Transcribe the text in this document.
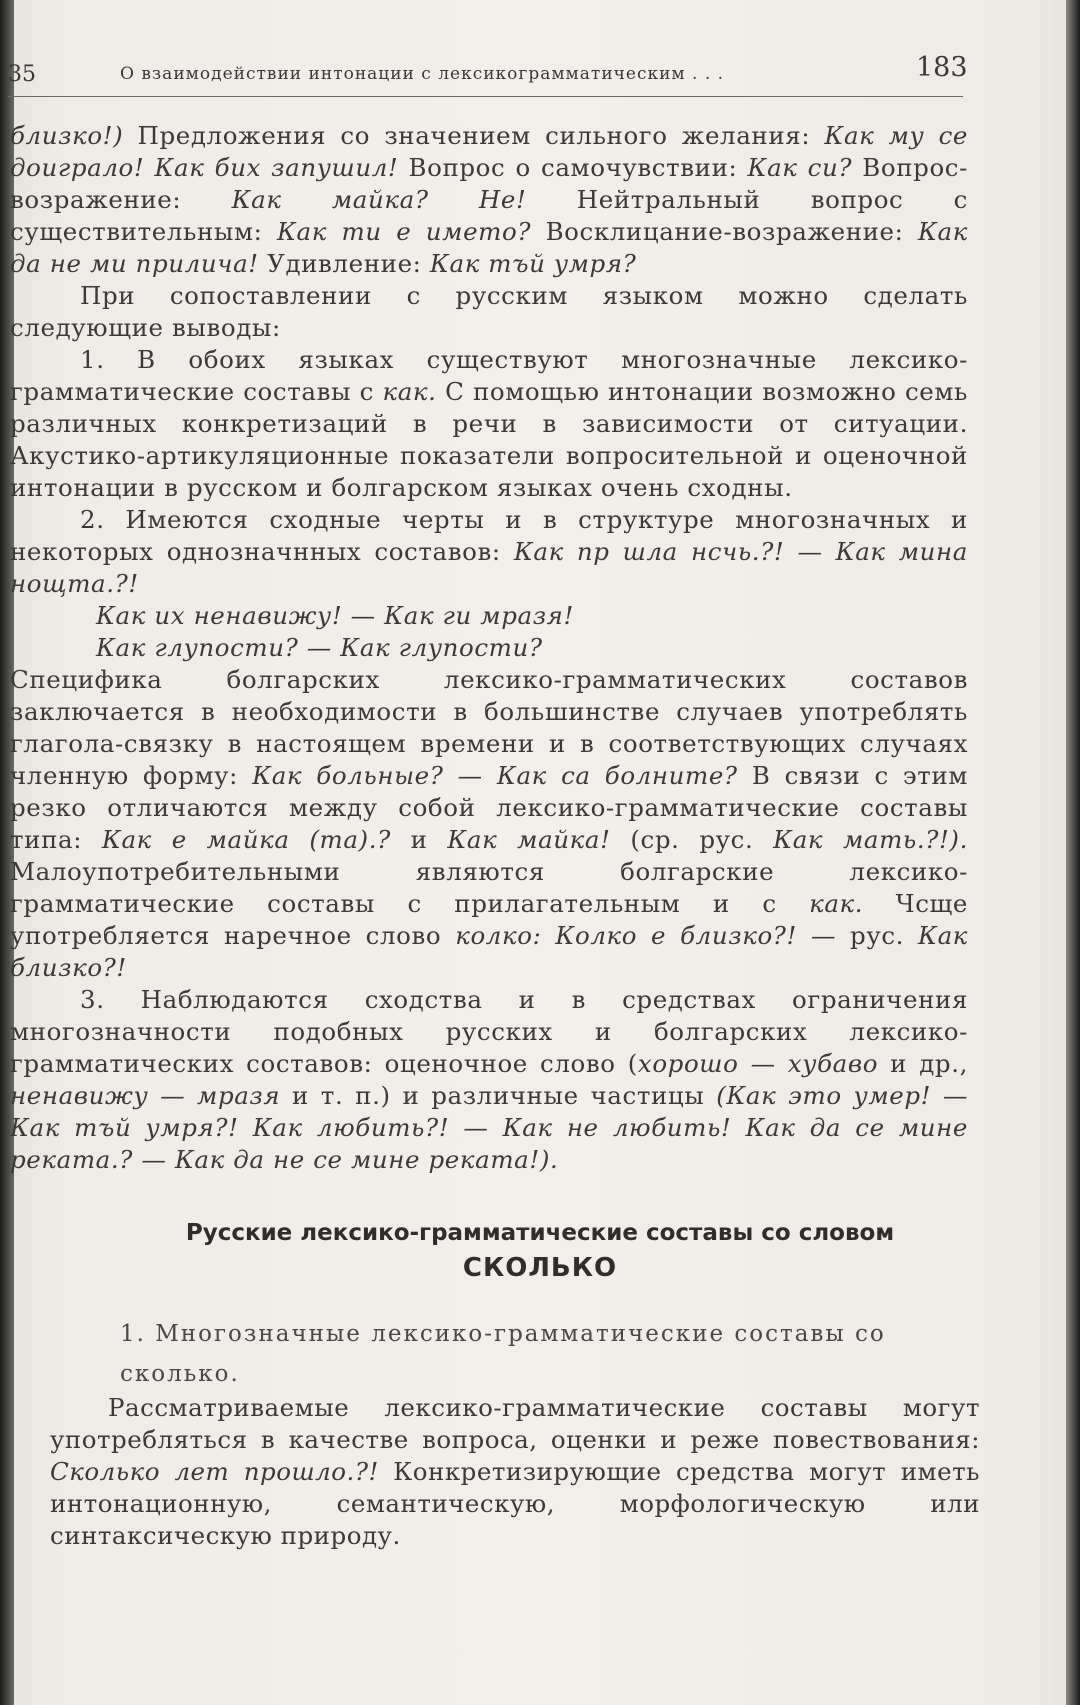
35	О взаимодействии интонации с лексикограмматическим . . .	183

близко!) Предложения со значением сильного желания: Как му се доиграло! Как бих запушил! Вопрос о самочувствии: Как си? Вопрос-возражение: Как майка? Не! Нейтральный вопрос с существительным: Как ти е името? Восклицание-возражение: Как да не ми прилича! Удивление: Как тъй умря?

При сопоставлении с русским языком можно сделать следующие выводы:

1. В обоих языках существуют многозначные лексико-грамматические составы с как. С помощью интонации возможно семь различных конкретизаций в речи в зависимости от ситуации. Акустико-артикуляционные показатели вопросительной и оценочной интонации в русском и болгарском языках очень сходны.

2. Имеются сходные черты и в структуре многозначных и некоторых однозначнных составов: Как пр шла нсчь.?! — Как мина нощта.?!

Как их ненавижу! — Как ги мразя!

Как глупости? — Как глупости?

Специфика болгарских лексико-грамматических составов заключается в необходимости в большинстве случаев употреблять глагола-связку в настоящем времени и в соответствующих случаях членную форму: Как больные? — Как са болните? В связи с этим резко отличаются между собой лексико-грамматические составы типа: Как е майка (та).? и Как майка! (ср. рус. Как мать.?!). Малоупотребительными являются болгарские лексико-грамматические составы с прилагательным и с как. Чсще употребляется наречное слово колко: Колко е близко?! — рус. Как близко?!

3. Наблюдаются сходства и в средствах ограничения многозначности подобных русских и болгарских лексико-грамматических составов: оценочное слово (хорошо — хубаво и др., ненавижу — мразя и т. п.) и различные частицы (Как это умер! — Как тъй умря?! Как любить?! — Как не любить! Как да се мине реката.? — Как да не се мине реката!).

Русские лексико-грамматические составы со словом
СКОЛЬКО
1. Многозначные лексико-грамматические составы со сколько.

Рассматриваемые лексико-грамматические составы могут употребляться в качестве вопроса, оценки и реже повествования: Сколько лет прошло.?! Конкретизирующие средства могут иметь интонационную, семантическую, морфологическую или синтаксическую природу.
